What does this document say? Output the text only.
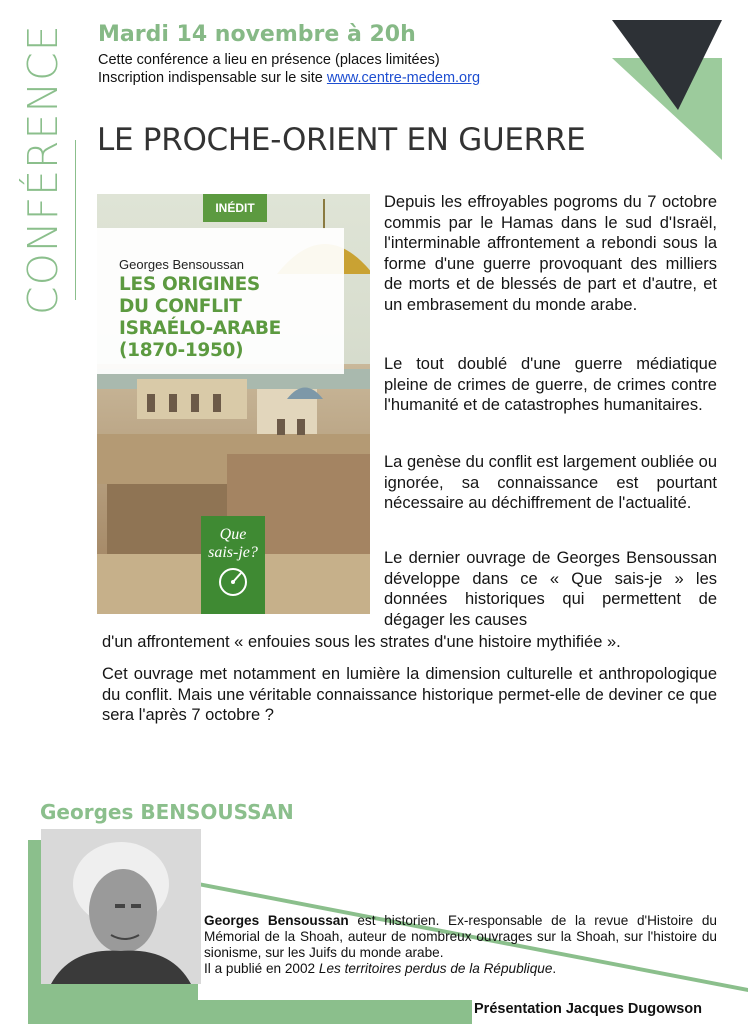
CONFÉRENCE Mardi 14 novembre à 20h
Cette conférence a lieu en présence (places limitées)
Inscription indispensable sur le site www.centre-medem.org
LE PROCHE-ORIENT EN GUERRE
INÉDIT
Georges Bensoussan
LES ORIGINES
DU CONFLIT
ISRAÉLO-ARABE
(1870-1950)
Que
sais-je?
Depuis les effroyables pogroms du 7 octobre commis par le Hamas dans le sud d'Israël, l'interminable affrontement a rebondi sous la forme d'une guerre provoquant des milliers de morts et de blessés de part et d'autre, et un embrasement du monde arabe.
Le tout doublé d'une guerre médiatique pleine de crimes de guerre, de crimes contre l'humanité et de catastrophes humanitaires.
La genèse du conflit est largement oubliée ou ignorée, sa connaissance est pourtant nécessaire au déchiffrement de l'actualité.
Le dernier ouvrage de Georges Bensoussan développe dans ce « Que sais-je » les données historiques qui permettent de dégager les causes
d'un affrontement « enfouies sous les strates d'une histoire mythifiée ».
Cet ouvrage met notamment en lumière la dimension culturelle et anthropologique du conflit. Mais une véritable connaissance historique permet-elle de deviner ce que sera l'après 7 octobre ?
Georges BENSOUSSAN
Georges Bensoussan est historien. Ex-responsable de la revue d'Histoire du Mémorial de la Shoah, auteur de nombreux ouvrages sur la Shoah, sur l'histoire du sionisme, sur les Juifs du monde arabe.
Il a publié en 2002 Les territoires perdus de la République.
Présentation Jacques Dugowson
